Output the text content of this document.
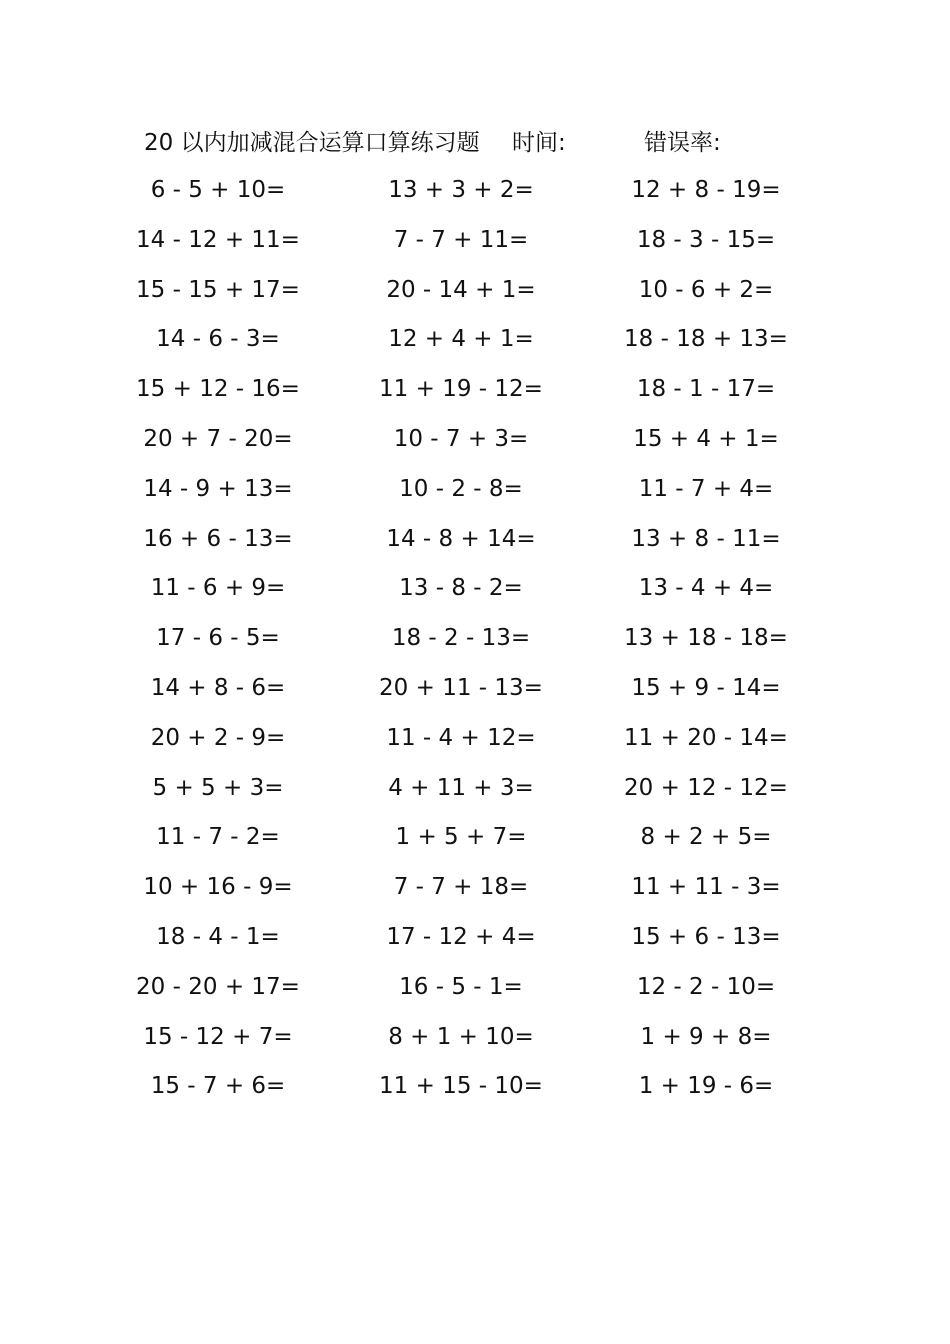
20 以内加减混合运算口算练习题 时间:	错误率:
6 - 5 + 10=	13 + 3 + 2=	12 + 8 - 19=
14 - 12 + 11=	7 - 7 + 11=	18 - 3 - 15=
15 - 15 + 17=	20 - 14 + 1=	10 - 6 + 2=
14 - 6 - 3=	12 + 4 + 1=	18 - 18 + 13=
15 + 12 - 16=	11 + 19 - 12=	18 - 1 - 17=
20 + 7 - 20=	10 - 7 + 3=	15 + 4 + 1=
14 - 9 + 13=	10 - 2 - 8=	11 - 7 + 4=
16 + 6 - 13=	14 - 8 + 14=	13 + 8 - 11=
11 - 6 + 9=	13 - 8 - 2=	13 - 4 + 4=
17 - 6 - 5=	18 - 2 - 13=	13 + 18 - 18=
14 + 8 - 6=	20 + 11 - 13=	15 + 9 - 14=
20 + 2 - 9=	11 - 4 + 12=	11 + 20 - 14=
5 + 5 + 3=	4 + 11 + 3=	20 + 12 - 12=
11 - 7 - 2=	1 + 5 + 7=	8 + 2 + 5=
10 + 16 - 9=	7 - 7 + 18=	11 + 11 - 3=
18 - 4 - 1=	17 - 12 + 4=	15 + 6 - 13=
20 - 20 + 17=	16 - 5 - 1=	12 - 2 - 10=
15 - 12 + 7=	8 + 1 + 10=	1 + 9 + 8=
15 - 7 + 6=	11 + 15 - 10=	1 + 19 - 6=
